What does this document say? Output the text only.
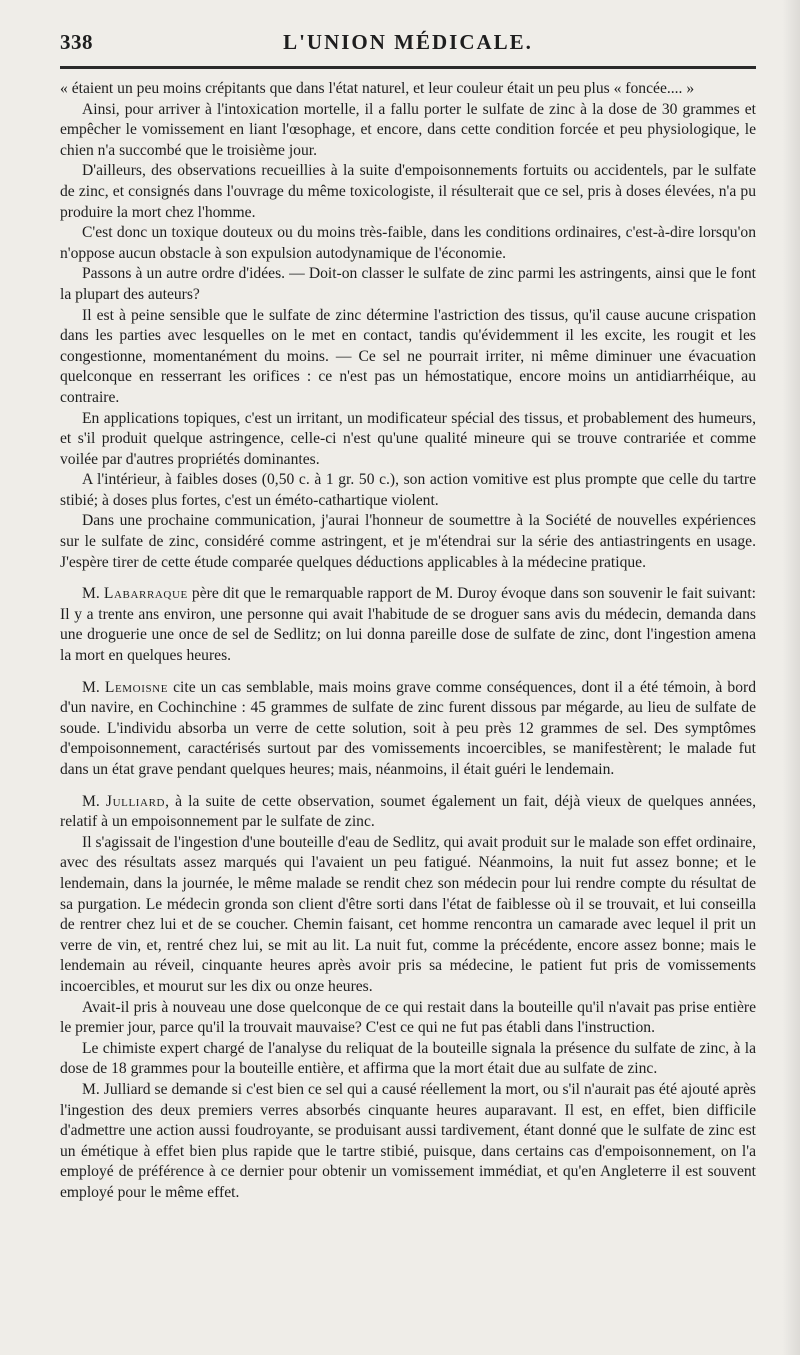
338	L'UNION MÉDICALE.

« étaient un peu moins crépitants que dans l'état naturel, et leur couleur était un peu plus « foncée.... »

Ainsi, pour arriver à l'intoxication mortelle, il a fallu porter le sulfate de zinc à la dose de 30 grammes et empêcher le vomissement en liant l'œsophage, et encore, dans cette condition forcée et peu physiologique, le chien n'a succombé que le troisième jour.

D'ailleurs, des observations recueillies à la suite d'empoisonnements fortuits ou accidentels, par le sulfate de zinc, et consignés dans l'ouvrage du même toxicologiste, il résulterait que ce sel, pris à doses élevées, n'a pu produire la mort chez l'homme.

C'est donc un toxique douteux ou du moins très-faible, dans les conditions ordinaires, c'est-à-dire lorsqu'on n'oppose aucun obstacle à son expulsion autodynamique de l'économie.

Passons à un autre ordre d'idées. — Doit-on classer le sulfate de zinc parmi les astringents, ainsi que le font la plupart des auteurs?

Il est à peine sensible que le sulfate de zinc détermine l'astriction des tissus, qu'il cause aucune crispation dans les parties avec lesquelles on le met en contact, tandis qu'évidemment il les excite, les rougit et les congestionne, momentanément du moins. — Ce sel ne pourrait irriter, ni même diminuer une évacuation quelconque en resserrant les orifices : ce n'est pas un hémostatique, encore moins un antidiarrhéique, au contraire.

En applications topiques, c'est un irritant, un modificateur spécial des tissus, et probablement des humeurs, et s'il produit quelque astringence, celle-ci n'est qu'une qualité mineure qui se trouve contrariée et comme voilée par d'autres propriétés dominantes.

A l'intérieur, à faibles doses (0,50 c. à 1 gr. 50 c.), son action vomitive est plus prompte que celle du tartre stibié; à doses plus fortes, c'est un éméto-cathartique violent.

Dans une prochaine communication, j'aurai l'honneur de soumettre à la Société de nouvelles expériences sur le sulfate de zinc, considéré comme astringent, et je m'étendrai sur la série des antiastringents en usage. J'espère tirer de cette étude comparée quelques déductions applicables à la médecine pratique.

M. Labarraque père dit que le remarquable rapport de M. Duroy évoque dans son souvenir le fait suivant: Il y a trente ans environ, une personne qui avait l'habitude de se droguer sans avis du médecin, demanda dans une droguerie une once de sel de Sedlitz; on lui donna pareille dose de sulfate de zinc, dont l'ingestion amena la mort en quelques heures.

M. Lemoisne cite un cas semblable, mais moins grave comme conséquences, dont il a été témoin, à bord d'un navire, en Cochinchine : 45 grammes de sulfate de zinc furent dissous par mégarde, au lieu de sulfate de soude. L'individu absorba un verre de cette solution, soit à peu près 12 grammes de sel. Des symptômes d'empoisonnement, caractérisés surtout par des vomissements incoercibles, se manifestèrent; le malade fut dans un état grave pendant quelques heures; mais, néanmoins, il était guéri le lendemain.

M. Julliard, à la suite de cette observation, soumet également un fait, déjà vieux de quelques années, relatif à un empoisonnement par le sulfate de zinc.

Il s'agissait de l'ingestion d'une bouteille d'eau de Sedlitz, qui avait produit sur le malade son effet ordinaire, avec des résultats assez marqués qui l'avaient un peu fatigué. Néanmoins, la nuit fut assez bonne; et le lendemain, dans la journée, le même malade se rendit chez son médecin pour lui rendre compte du résultat de sa purgation. Le médecin gronda son client d'être sorti dans l'état de faiblesse où il se trouvait, et lui conseilla de rentrer chez lui et de se coucher. Chemin faisant, cet homme rencontra un camarade avec lequel il prit un verre de vin, et, rentré chez lui, se mit au lit. La nuit fut, comme la précédente, encore assez bonne; mais le lendemain au réveil, cinquante heures après avoir pris sa médecine, le patient fut pris de vomissements incoercibles, et mourut sur les dix ou onze heures.

Avait-il pris à nouveau une dose quelconque de ce qui restait dans la bouteille qu'il n'avait pas prise entière le premier jour, parce qu'il la trouvait mauvaise? C'est ce qui ne fut pas établi dans l'instruction.

Le chimiste expert chargé de l'analyse du reliquat de la bouteille signala la présence du sulfate de zinc, à la dose de 18 grammes pour la bouteille entière, et affirma que la mort était due au sulfate de zinc.

M. Julliard se demande si c'est bien ce sel qui a causé réellement la mort, ou s'il n'aurait pas été ajouté après l'ingestion des deux premiers verres absorbés cinquante heures auparavant. Il est, en effet, bien difficile d'admettre une action aussi foudroyante, se produisant aussi tardivement, étant donné que le sulfate de zinc est un émétique à effet bien plus rapide que le tartre stibié, puisque, dans certains cas d'empoisonnement, on l'a employé de préférence à ce dernier pour obtenir un vomissement immédiat, et qu'en Angleterre il est souvent employé pour le même effet.
